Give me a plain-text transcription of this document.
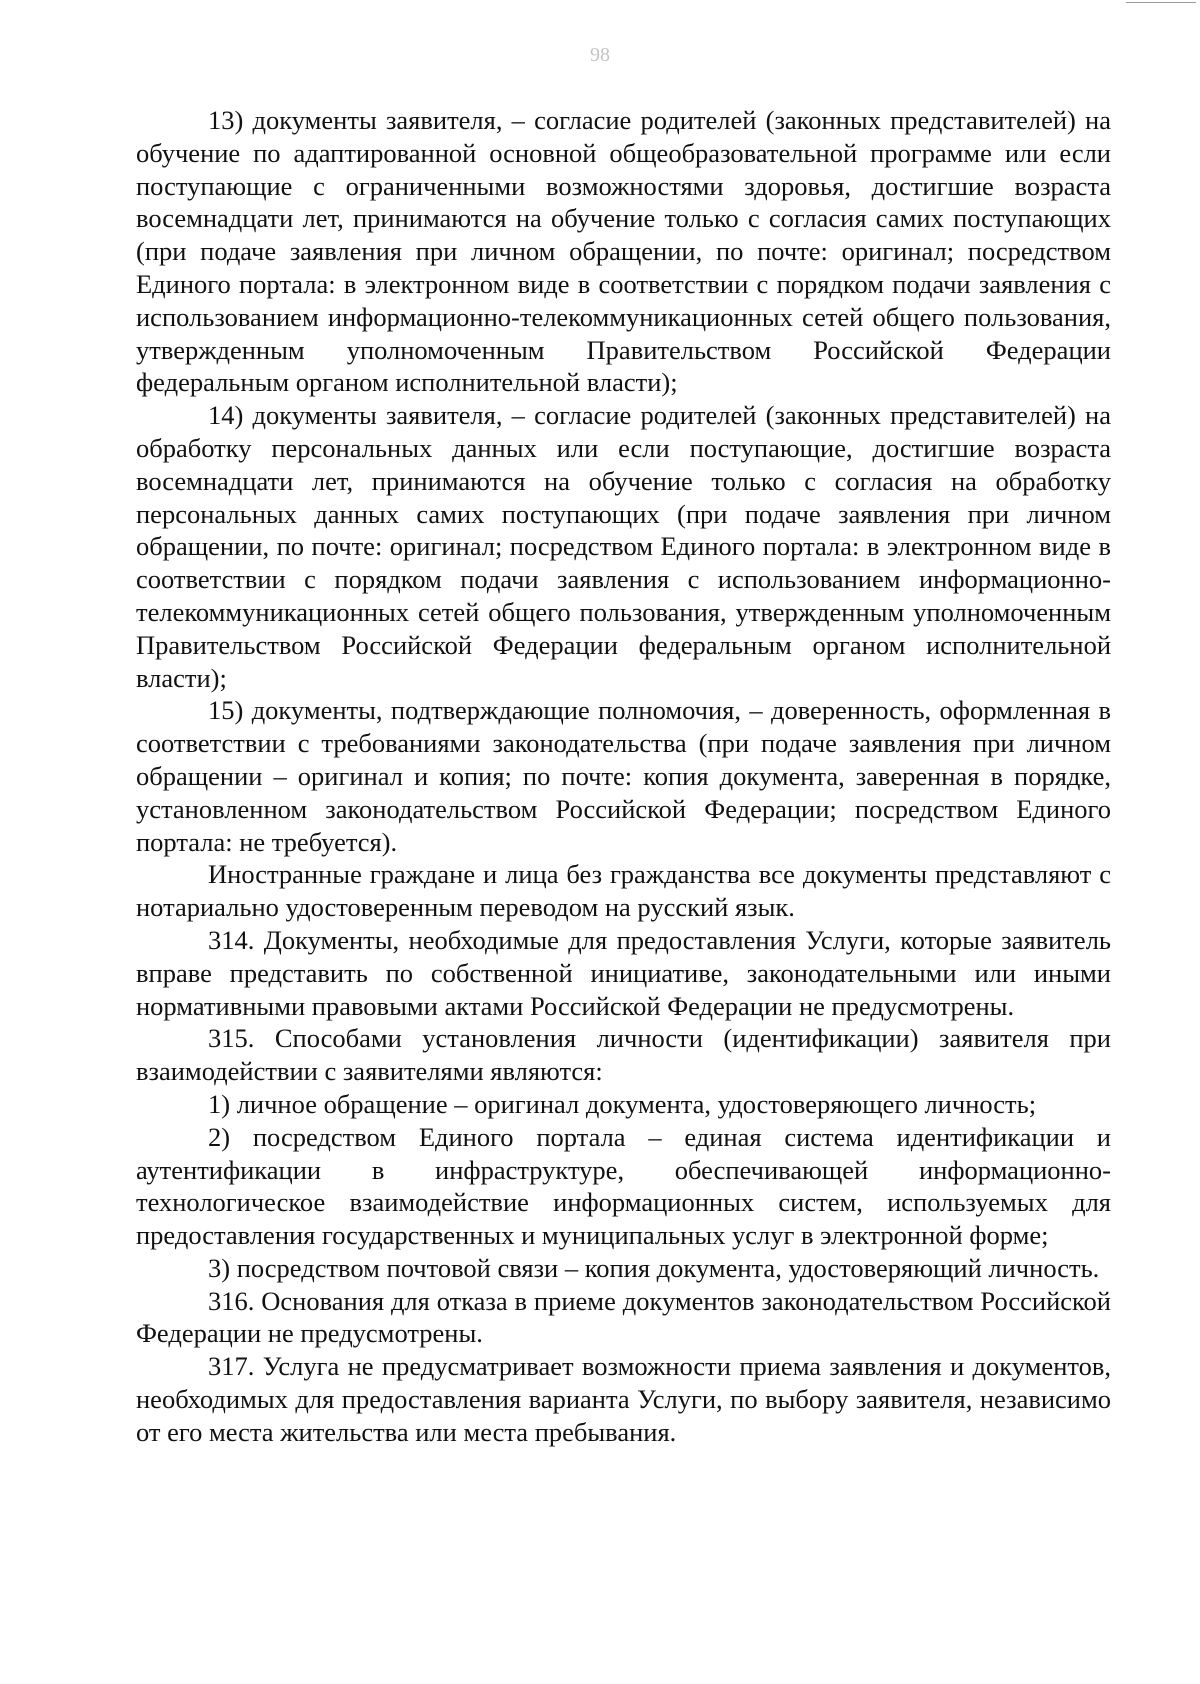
98

13) документы заявителя, – согласие родителей (законных представителей) на обучение по адаптированной основной общеобразовательной программе или если поступающие с ограниченными возможностями здоровья, достигшие возраста восемнадцати лет, принимаются на обучение только с согласия самих поступающих (при подаче заявления при личном обращении, по почте: оригинал; посредством Единого портала: в электронном виде в соответствии с порядком подачи заявления с использованием информационно-телекоммуникационных сетей общего пользования, утвержденным уполномоченным Правительством Российской Федерации федеральным органом исполнительной власти);

14) документы заявителя, – согласие родителей (законных представителей) на обработку персональных данных или если поступающие, достигшие возраста восемнадцати лет, принимаются на обучение только с согласия на обработку персональных данных самих поступающих (при подаче заявления при личном обращении, по почте: оригинал; посредством Единого портала: в электронном виде в соответствии с порядком подачи заявления с использованием информационно-телекоммуникационных сетей общего пользования, утвержденным уполномоченным Правительством Российской Федерации федеральным органом исполнительной власти);

15) документы, подтверждающие полномочия, – доверенность, оформленная в соответствии с требованиями законодательства (при подаче заявления при личном обращении – оригинал и копия; по почте: копия документа, заверенная в порядке, установленном законодательством Российской Федерации; посредством Единого портала: не требуется).

Иностранные граждане и лица без гражданства все документы представляют с нотариально удостоверенным переводом на русский язык.

314. Документы, необходимые для предоставления Услуги, которые заявитель вправе представить по собственной инициативе, законодательными или иными нормативными правовыми актами Российской Федерации не предусмотрены.

315. Способами установления личности (идентификации) заявителя при взаимодействии с заявителями являются:

1) личное обращение – оригинал документа, удостоверяющего личность;

2) посредством Единого портала – единая система идентификации и аутентификации в инфраструктуре, обеспечивающей информационно-технологическое взаимодействие информационных систем, используемых для предоставления государственных и муниципальных услуг в электронной форме;

3) посредством почтовой связи – копия документа, удостоверяющий личность.

316. Основания для отказа в приеме документов законодательством Российской Федерации не предусмотрены.

317. Услуга не предусматривает возможности приема заявления и документов, необходимых для предоставления варианта Услуги, по выбору заявителя, независимо от его места жительства или места пребывания.
